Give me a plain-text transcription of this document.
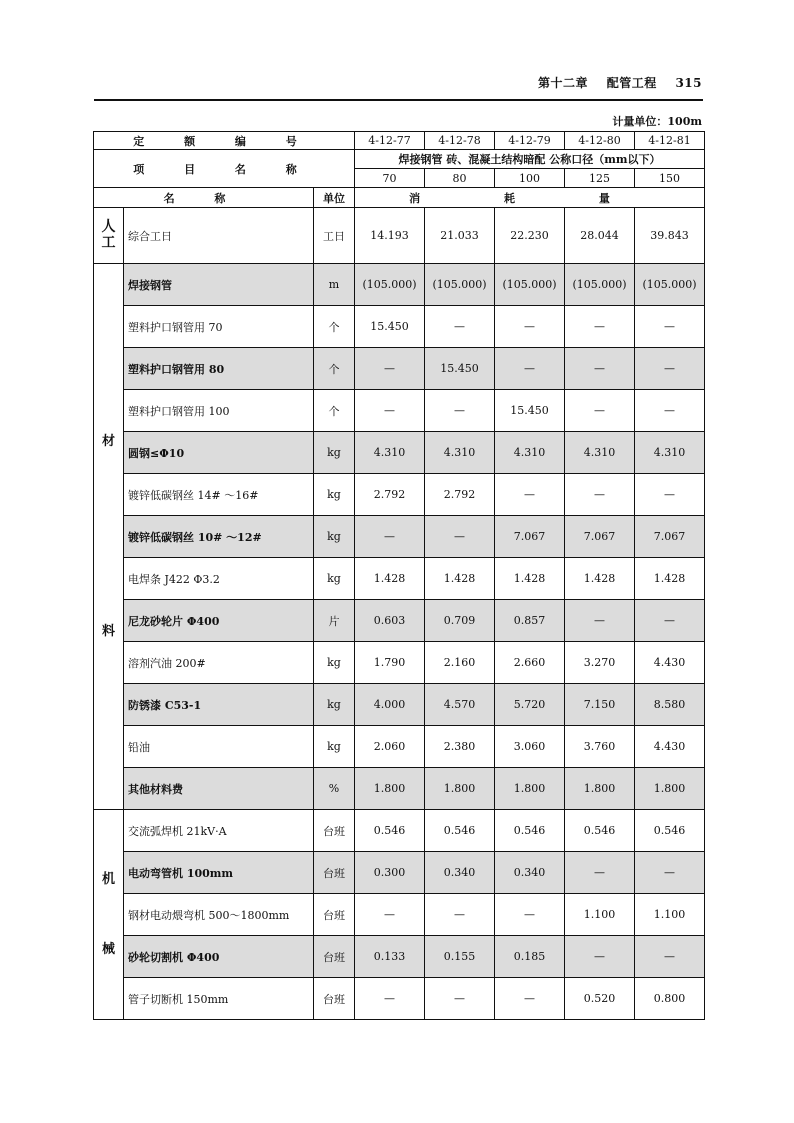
第十二章 配管工程 315
计量单位：100m
定 额 编 号			4-12-77	4-12-78	4-12-79	4-12-80	4-12-81
项 目 名 称			焊接钢管 砖、混凝土结构暗配 公称口径（mm以下）				
			70	80	100	125	150
名 称		单位	消 耗 量				
人工	综合工日	工日	14.193	21.033	22.230	28.044	39.843
材料	焊接钢管	m	(105.000)	(105.000)	(105.000)	(105.000)	(105.000)
	塑料护口钢管用 70	个	15.450	—	—	—	—
	塑料护口钢管用 80	个	—	15.450	—	—	—
	塑料护口钢管用 100	个	—	—	15.450	—	—
	圆钢≤Φ10	kg	4.310	4.310	4.310	4.310	4.310
	镀锌低碳钢丝 14# ～16#	kg	2.792	2.792	—	—	—
	镀锌低碳钢丝 10# ～12#	kg	—	—	7.067	7.067	7.067
	电焊条 J422 Φ3.2	kg	1.428	1.428	1.428	1.428	1.428
	尼龙砂轮片 Φ400	片	0.603	0.709	0.857	—	—
	溶剂汽油 200#	kg	1.790	2.160	2.660	3.270	4.430
	防锈漆 C53-1	kg	4.000	4.570	5.720	7.150	8.580
	铅油	kg	2.060	2.380	3.060	3.760	4.430
	其他材料费	%	1.800	1.800	1.800	1.800	1.800
机械	交流弧焊机 21kV·A	台班	0.546	0.546	0.546	0.546	0.546
	电动弯管机 100mm	台班	0.300	0.340	0.340	—	—
	钢材电动煨弯机 500～1800mm	台班	—	—	—	1.100	1.100
	砂轮切割机 Φ400	台班	0.133	0.155	0.185	—	—
	管子切断机 150mm	台班	—	—	—	0.520	0.800
